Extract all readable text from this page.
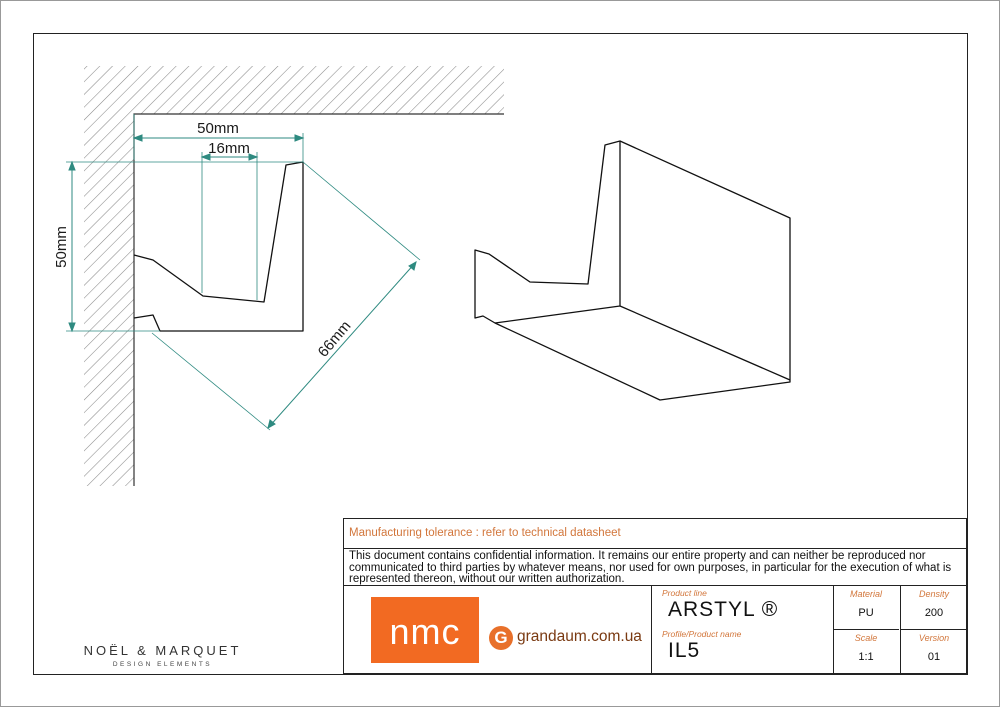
50mm
16mm
50mm
66mm
Manufacturing tolerance : refer to technical datasheet
This document contains confidential information. It remains our entire property and can neither be reproduced nor communicated to third parties by whatever means, nor used for own purposes, in particular for the execution of what is represented thereon, without our written authorization.
nmc	G grandaum.com.ua
Product line
ARSTYL ®
Profile/Product name
IL5
Material
PU
Density
200
Scale
1:1
Version
01
NOËL & MARQUET
DESIGN ELEMENTS
